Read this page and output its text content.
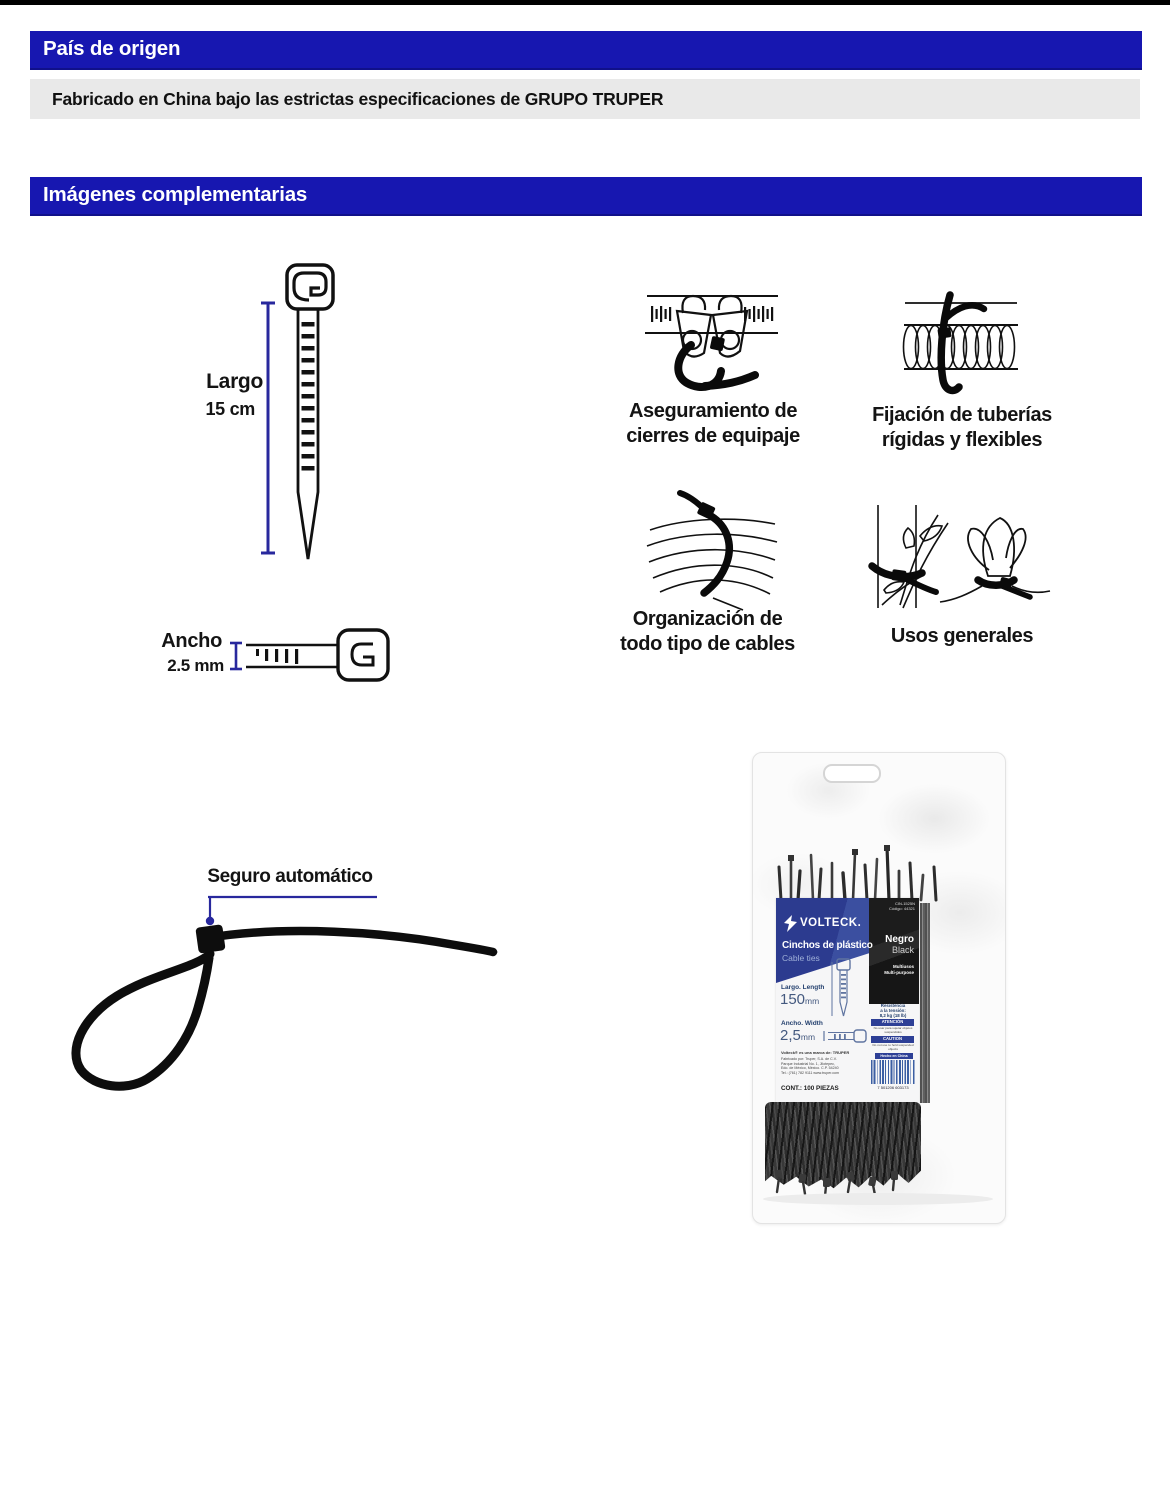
País de origen
Fabricado en China bajo las estrictas especificaciones de GRUPO TRUPER
Imágenes complementarias
Largo
15 cm
Ancho
2.5 mm
Aseguramiento de
cierres de equipaje
Fijación de tuberías
rígidas y flexibles
Organización de
todo tipo de cables	Usos generales
Seguro automático
VOLTECK.
Cinchos de plástico
Cable ties
CIN-1525N
Código: 44321
Negro
Black
Multiusos
Multi-purpose
Largo. Length
150mm
Ancho. Width
2,5mm
Volteck® es una marca de: TRUPER
Fabricado por: Truper, S.A. de C.V.
Parque Industrial No. 1, Jilotepec,
Edo. de México, México. C.P. 54240
Tel.: (761) 782 9111 www.truper.com
CONT.: 100 PIEZAS
Resistencia
a la tensión:
8,2 kg (18 lb)
ATENCIÓN
No usar para sujetar objetos suspendidos
CAUTION
Do not use to hold suspended objects
Hecho en China
7 501206 603173
